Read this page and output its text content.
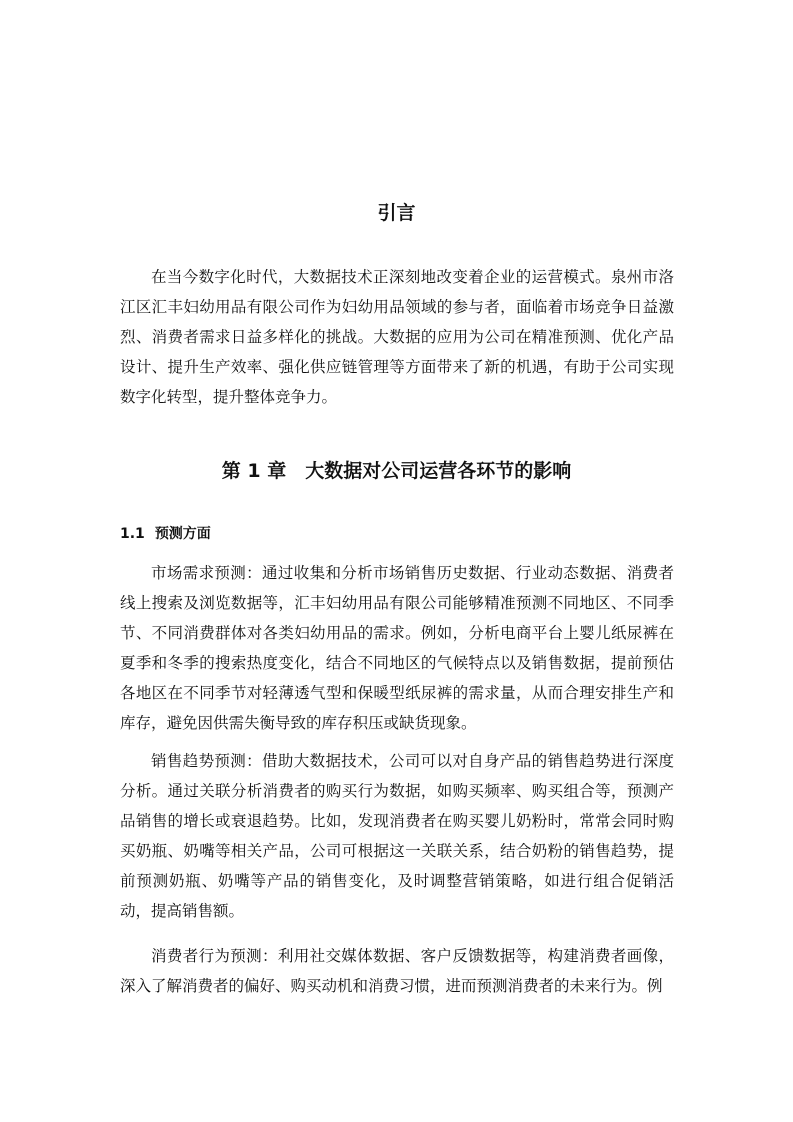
引言

在当今数字化时代，大数据技术正深刻地改变着企业的运营模式。泉州市洛江区汇丰妇幼用品有限公司作为妇幼用品领域的参与者，面临着市场竞争日益激烈、消费者需求日益多样化的挑战。大数据的应用为公司在精准预测、优化产品设计、提升生产效率、强化供应链管理等方面带来了新的机遇，有助于公司实现数字化转型，提升整体竞争力。

第 1 章　大数据对公司运营各环节的影响
1.1 预测方面

市场需求预测：通过收集和分析市场销售历史数据、行业动态数据、消费者线上搜索及浏览数据等，汇丰妇幼用品有限公司能够精准预测不同地区、不同季节、不同消费群体对各类妇幼用品的需求。例如，分析电商平台上婴儿纸尿裤在夏季和冬季的搜索热度变化，结合不同地区的气候特点以及销售数据，提前预估各地区在不同季节对轻薄透气型和保暖型纸尿裤的需求量，从而合理安排生产和库存，避免因供需失衡导致的库存积压或缺货现象。

销售趋势预测：借助大数据技术，公司可以对自身产品的销售趋势进行深度分析。通过关联分析消费者的购买行为数据，如购买频率、购买组合等，预测产品销售的增长或衰退趋势。比如，发现消费者在购买婴儿奶粉时，常常会同时购买奶瓶、奶嘴等相关产品，公司可根据这一关联关系，结合奶粉的销售趋势，提前预测奶瓶、奶嘴等产品的销售变化，及时调整营销策略，如进行组合促销活动，提高销售额。

消费者行为预测：利用社交媒体数据、客户反馈数据等，构建消费者画像，深入了解消费者的偏好、购买动机和消费习惯，进而预测消费者的未来行为。例
